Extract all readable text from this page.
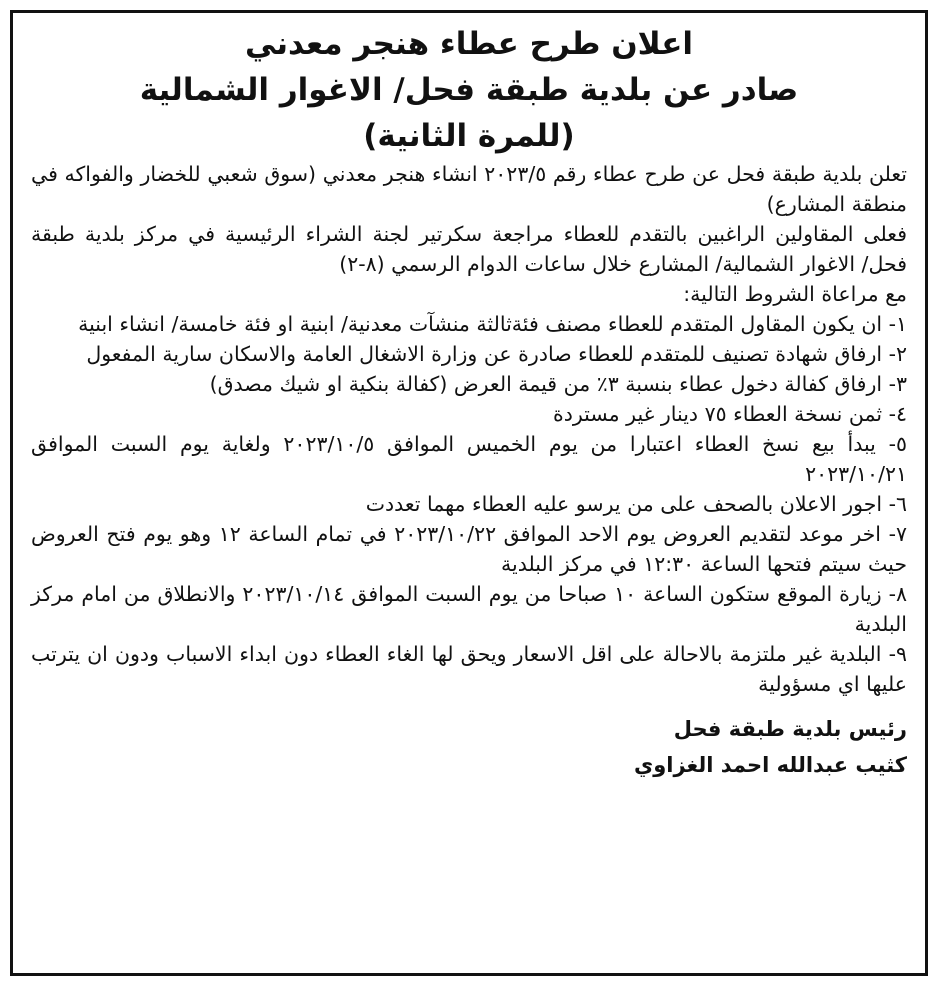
اعلان طرح عطاء هنجر معدني
صادر عن بلدية طبقة فحل/ الاغوار الشمالية
(للمرة الثانية)

تعلن بلدية طبقة فحل عن طرح عطاء رقم ٢٠٢٣/٥ انشاء هنجر معدني (سوق شعبي للخضار والفواكه في منطقة المشارع)

فعلى المقاولين الراغبين بالتقدم للعطاء مراجعة سكرتير لجنة الشراء الرئيسية في مركز بلدية طبقة فحل/ الاغوار الشمالية/ المشارع خلال ساعات الدوام الرسمي (٨-٢)

مع مراعاة الشروط التالية:

١- ان يكون المقاول المتقدم للعطاء مصنف فئةثالثة منشآت معدنية/ ابنية او فئة خامسة/ انشاء ابنية
٢- ارفاق شهادة تصنيف للمتقدم للعطاء صادرة عن وزارة الاشغال العامة والاسكان سارية المفعول
٣- ارفاق كفالة دخول عطاء بنسبة ٣٪ من قيمة العرض (كفالة بنكية او شيك مصدق)
٤- ثمن نسخة العطاء ٧٥ دينار غير مستردة
٥- يبدأ بيع نسخ العطاء اعتبارا من يوم الخميس الموافق ٢٠٢٣/١٠/٥ ولغاية يوم السبت الموافق ٢٠٢٣/١٠/٢١
٦- اجور الاعلان بالصحف على من يرسو عليه العطاء مهما تعددت
٧- اخر موعد لتقديم العروض يوم الاحد الموافق ٢٠٢٣/١٠/٢٢ في تمام الساعة ١٢ وهو يوم فتح العروض حيث سيتم فتحها الساعة ١٢:٣٠ في مركز البلدية
٨- زيارة الموقع ستكون الساعة ١٠ صباحا من يوم السبت الموافق ٢٠٢٣/١٠/١٤ والانطلاق من امام مركز البلدية
٩- البلدية غير ملتزمة بالاحالة على اقل الاسعار ويحق لها الغاء العطاء دون ابداء الاسباب ودون ان يترتب عليها اي مسؤولية
رئيس بلدية طبقة فحل
كثيب عبدالله احمد الغزاوي
